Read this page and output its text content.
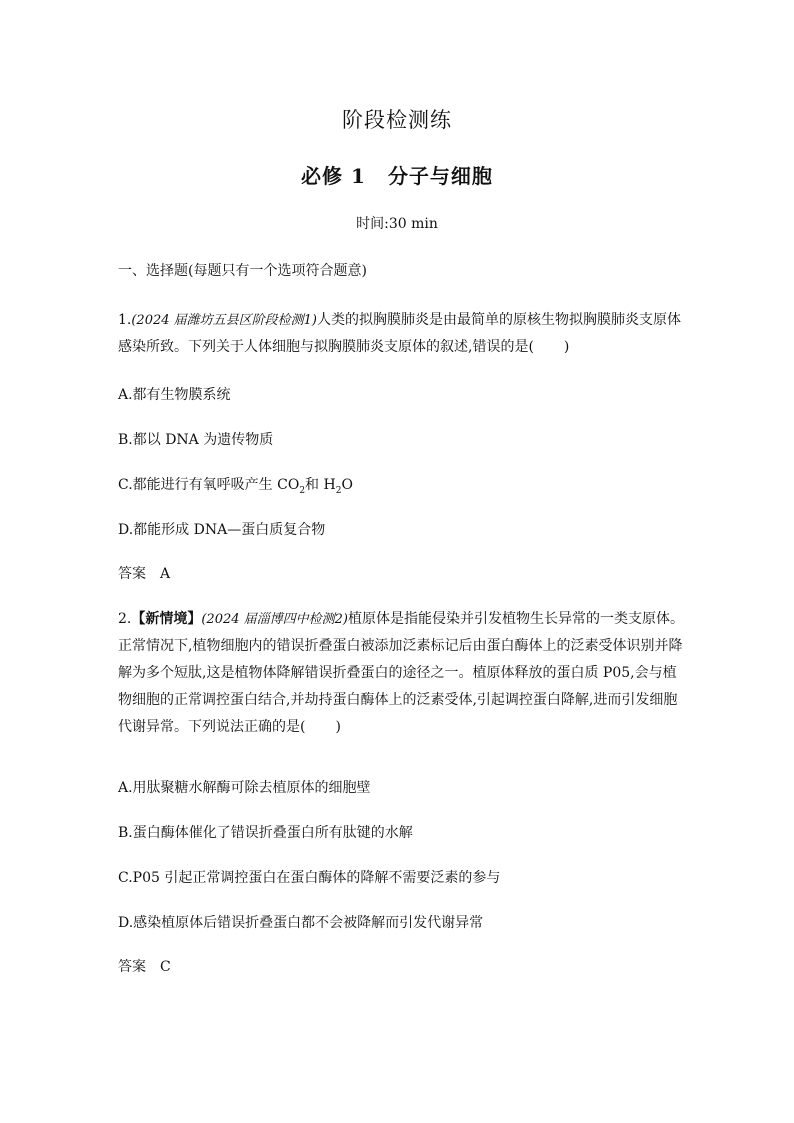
阶段检测练
必修 1 分子与细胞
时间:30 min
一、选择题(每题只有一个选项符合题意)
1.(2024 届潍坊五县区阶段检测1)人类的拟胸膜肺炎是由最简单的原核生物拟胸膜肺炎支原体感染所致。下列关于人体细胞与拟胸膜肺炎支原体的叙述,错误的是( )
A.都有生物膜系统
B.都以 DNA 为遗传物质
C.都能进行有氧呼吸产生 $CO_2$和 $H_2O$
D.都能形成 DNA—蛋白质复合物
答案 A
2.【新情境】(2024 届淄博四中检测2)植原体是指能侵染并引发植物生长异常的一类支原体。正常情况下,植物细胞内的错误折叠蛋白被添加泛素标记后由蛋白酶体上的泛素受体识别并降解为多个短肽,这是植物体降解错误折叠蛋白的途径之一。植原体释放的蛋白质 P05,会与植物细胞的正常调控蛋白结合,并劫持蛋白酶体上的泛素受体,引起调控蛋白降解,进而引发细胞代谢异常。下列说法正确的是( )
A.用肽聚糖水解酶可除去植原体的细胞壁
B.蛋白酶体催化了错误折叠蛋白所有肽键的水解
C.P05 引起正常调控蛋白在蛋白酶体的降解不需要泛素的参与
D.感染植原体后错误折叠蛋白都不会被降解而引发代谢异常
答案 C
